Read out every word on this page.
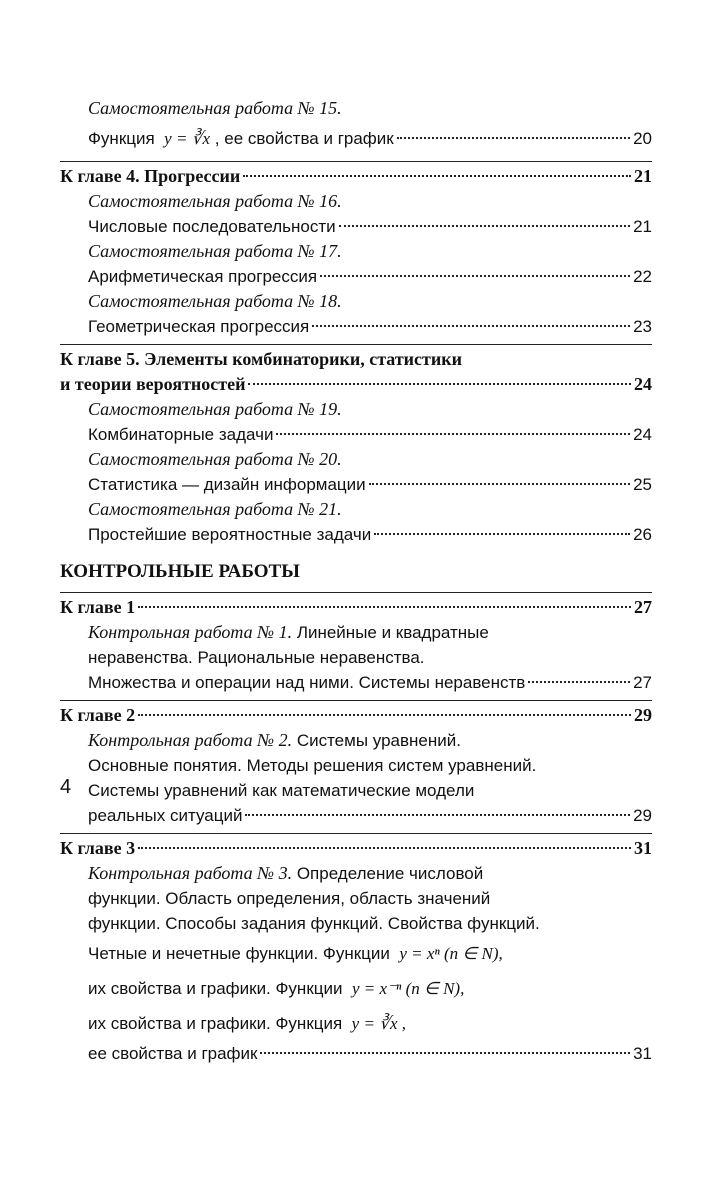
Самостоятельная работа № 15.
Функция y = ∛x , ее свойства и график	20
К главе 4. Прогрессии	21
Самостоятельная работа № 16.
Числовые последовательности	21
Самостоятельная работа № 17.
Арифметическая прогрессия	22
Самостоятельная работа № 18.
Геометрическая прогрессия	23
К главе 5. Элементы комбинаторики, статистики
и теории вероятностей	24
Самостоятельная работа № 19.
Комбинаторные задачи	24
Самостоятельная работа № 20.
Статистика — дизайн информации	25
Самостоятельная работа № 21.
Простейшие вероятностные задачи	26
КОНТРОЛЬНЫЕ РАБОТЫ
К главе 1	27
Контрольная работа № 1. Линейные и квадратные
неравенства. Рациональные неравенства.
Множества и операции над ними. Системы неравенств	27
К главе 2	29
Контрольная работа № 2. Системы уравнений.
Основные понятия. Методы решения систем уравнений.
Системы уравнений как математические модели
реальных ситуаций	29
К главе 3	31
Контрольная работа № 3. Определение числовой
функции. Область определения, область значений
функции. Способы задания функций. Свойства функций.
Четные и нечетные функции. Функции y = xⁿ (n ∈ N),
их свойства и графики. Функции y = x⁻ⁿ (n ∈ N),
их свойства и графики. Функция y = ∛x ,
ее свойства и график	31
4
